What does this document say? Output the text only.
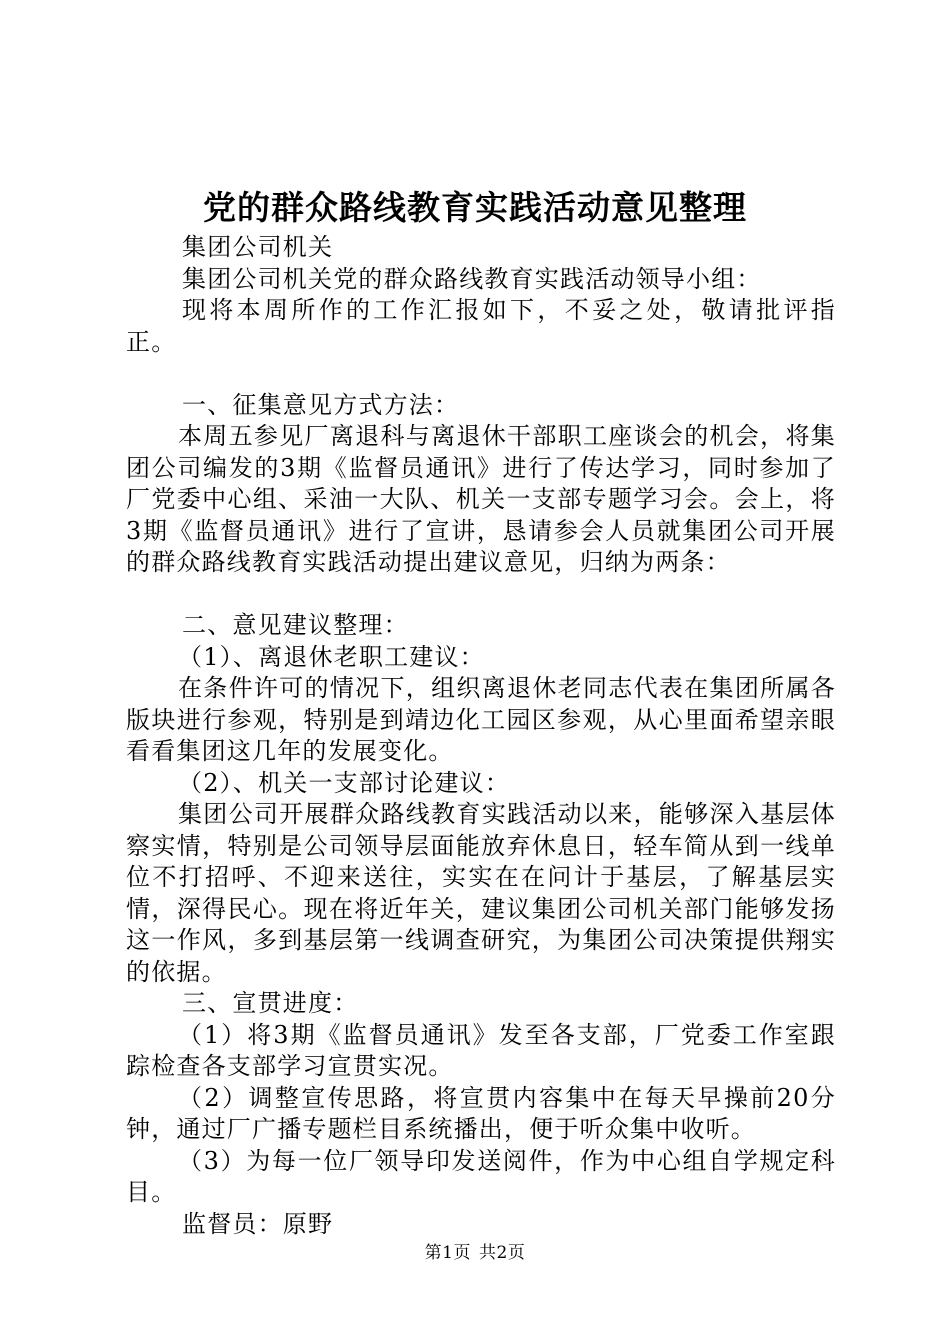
党的群众路线教育实践活动意见整理

集团公司机关

集团公司机关党的群众路线教育实践活动领导小组：

现将本周所作的工作汇报如下，不妥之处，敬请批评指正。

一、征集意见方式方法：

本周五参见厂离退科与离退休干部职工座谈会的机会，将集团公司编发的3期《监督员通讯》进行了传达学习，同时参加了厂党委中心组、采油一大队、机关一支部专题学习会。会上，将3期《监督员通讯》进行了宣讲，恳请参会人员就集团公司开展的群众路线教育实践活动提出建议意见，归纳为两条：

二、意见建议整理：

（1）、离退休老职工建议：

在条件许可的情况下，组织离退休老同志代表在集团所属各版块进行参观，特别是到靖边化工园区参观，从心里面希望亲眼看看集团这几年的发展变化。

（2）、机关一支部讨论建议：

集团公司开展群众路线教育实践活动以来，能够深入基层体察实情，特别是公司领导层面能放弃休息日，轻车简从到一线单位不打招呼、不迎来送往，实实在在问计于基层，了解基层实情，深得民心。现在将近年关，建议集团公司机关部门能够发扬这一作风，多到基层第一线调查研究，为集团公司决策提供翔实的依据。

三、宣贯进度：

（1）将3期《监督员通讯》发至各支部，厂党委工作室跟踪检查各支部学习宣贯实况。

（2）调整宣传思路，将宣贯内容集中在每天早操前20分钟，通过厂广播专题栏目系统播出，便于听众集中收听。

（3）为每一位厂领导印发送阅件，作为中心组自学规定科目。

监督员：原野

第1页 共2页
